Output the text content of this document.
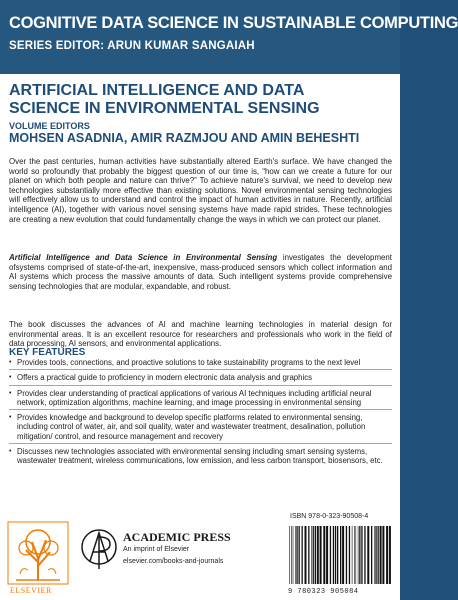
COGNITIVE DATA SCIENCE IN SUSTAINABLE COMPUTING
SERIES EDITOR: ARUN KUMAR SANGAIAH
ARTIFICIAL INTELLIGENCE AND DATA
SCIENCE IN ENVIRONMENTAL SENSING
VOLUME EDITORS
MOHSEN ASADNIA, AMIR RAZMJOU AND AMIN BEHESHTI
Over the past centuries, human activities have substantially altered Earth's surface. We have changed the world so profoundly that probably the biggest question of our time is, “how can we create a future for our planet on which both people and nature can thrive?” To achieve nature's survival, we need to develop new technologies substantially more effective than existing solutions. Novel environmental sensing technologies will effectively allow us to understand and control the impact of human activities in nature. Recently, artificial intelligence (AI), together with various novel sensing systems have made rapid strides. These technologies are creating a new evolution that could fundamentally change the ways in which we can protect our planet.
Artificial Intelligence and Data Science in Environmental Sensing investigates the development ofsystems comprised of state-of-the-art, inexpensive, mass-produced sensors which collect information and AI systems which process the massive amounts of data. Such intelligent systems provide comprehensive sensing technologies that are modular, expandable, and robust.
The book discusses the advances of AI and machine learning technologies in material design for environmental areas. It is an excellent resource for researchers and professionals who work in the field of data processing, AI sensors, and environmental applications.
KEY FEATURES
• Provides tools, connections, and proactive solutions to take sustainability programs to the next level
• Offers a practical guide to proficiency in modern electronic data analysis and graphics
• Provides clear understanding of practical applications of various AI techniques including artificial neural network, optimization algorithms, machine learning, and image processing in environmental sensing
• Provides knowledge and background to develop specific platforms related to environmental sensing, including control of water, air, and soil quality, water and wastewater treatment, desalination, pollution mitigation/ control, and resource management and recovery
• Discusses new technologies associated with environmental sensing including smart sensing systems, wastewater treatment, wireless communications, low emission, and less carbon transport, biosensors, etc.
ELSEVIER
ACADEMIC PRESS
An imprint of Elsevier
elsevier.com/books-and-journals
ISBN 978-0-323-90508-4
9 780323 905084
